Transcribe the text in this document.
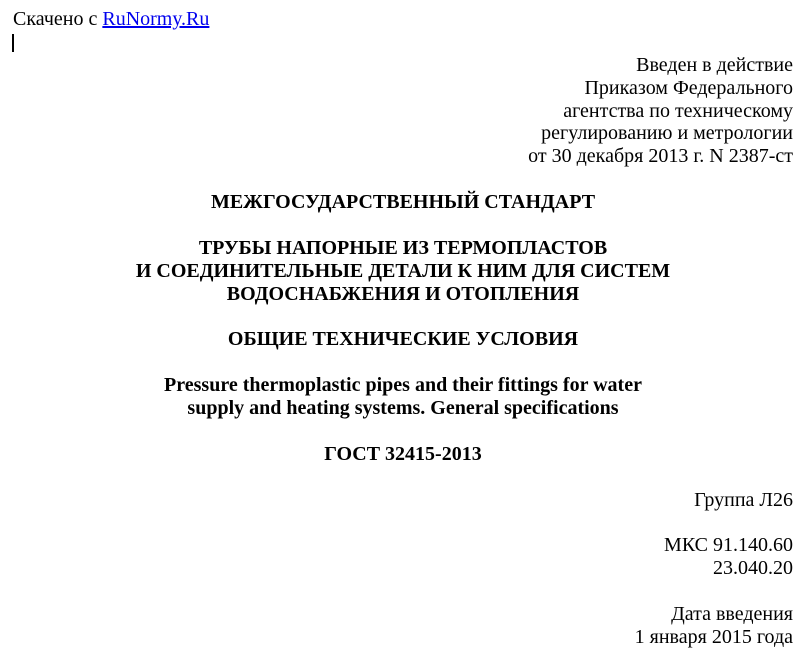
Скачено с RuNormy.Ru
Введен в действие
Приказом Федерального
агентства по техническому
регулированию и метрологии
от 30 декабря 2013 г. N 2387-ст
МЕЖГОСУДАРСТВЕННЫЙ СТАНДАРТ
ТРУБЫ НАПОРНЫЕ ИЗ ТЕРМОПЛАСТОВ
И СОЕДИНИТЕЛЬНЫЕ ДЕТАЛИ К НИМ ДЛЯ СИСТЕМ
ВОДОСНАБЖЕНИЯ И ОТОПЛЕНИЯ
ОБЩИЕ ТЕХНИЧЕСКИЕ УСЛОВИЯ
Pressure thermoplastic pipes and their fittings for water
supply and heating systems. General specifications
ГОСТ 32415-2013
Группа Л26
МКС 91.140.60
23.040.20
Дата введения
1 января 2015 года
